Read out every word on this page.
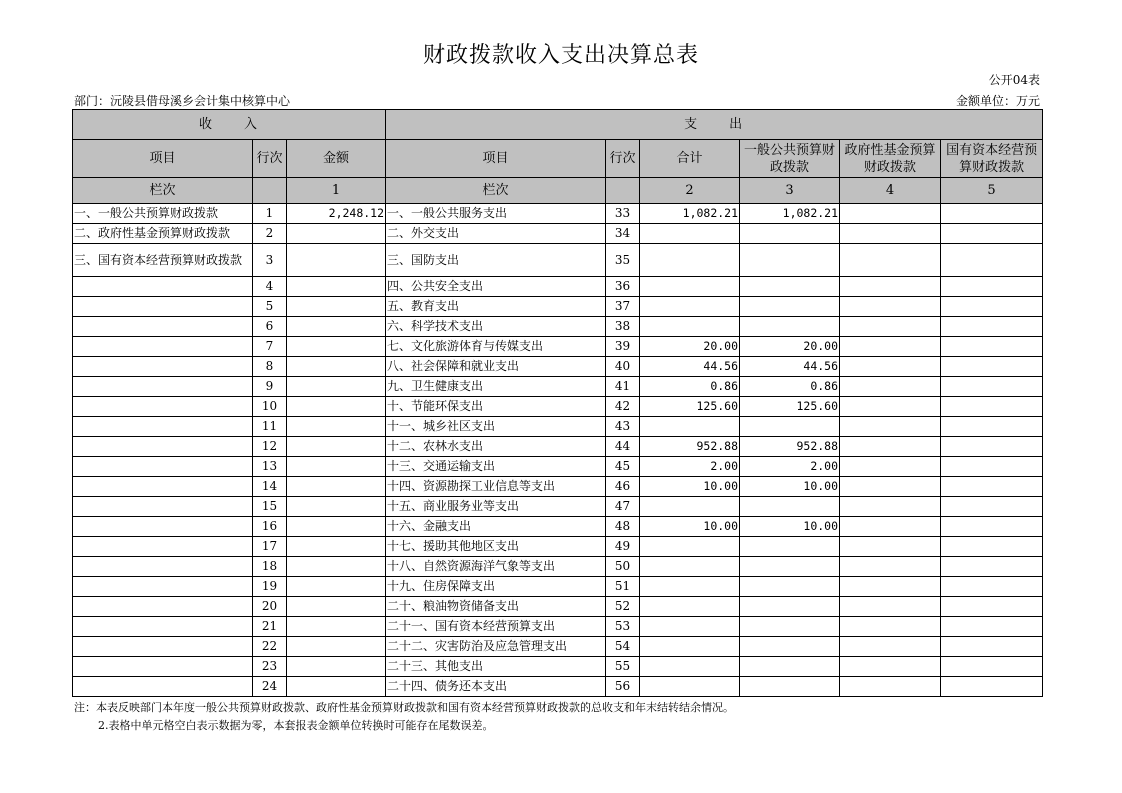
财政拨款收入支出决算总表
公开04表
部门：沅陵县借母溪乡会计集中核算中心	金额单位：万元
收　　入			支　　出					
项目	行次	金额	项目	行次	合计	一般公共预算财政拨款	政府性基金预算财政拨款	国有资本经营预算财政拨款
栏次		1	栏次		2	3	4	5
一、一般公共预算财政拨款	1	2,248.12	一、一般公共服务支出	33	1,082.21	1,082.21		
二、政府性基金预算财政拨款	2		二、外交支出	34				
三、国有资本经营预算财政拨款	3		三、国防支出	35				
	4		四、公共安全支出	36				
	5		五、教育支出	37				
	6		六、科学技术支出	38				
	7		七、文化旅游体育与传媒支出	39	20.00	20.00		
	8		八、社会保障和就业支出	40	44.56	44.56		
	9		九、卫生健康支出	41	0.86	0.86		
	10		十、节能环保支出	42	125.60	125.60		
	11		十一、城乡社区支出	43				
	12		十二、农林水支出	44	952.88	952.88		
	13		十三、交通运输支出	45	2.00	2.00		
	14		十四、资源勘探工业信息等支出	46	10.00	10.00		
	15		十五、商业服务业等支出	47				
	16		十六、金融支出	48	10.00	10.00		
	17		十七、援助其他地区支出	49				
	18		十八、自然资源海洋气象等支出	50				
	19		十九、住房保障支出	51				
	20		二十、粮油物资储备支出	52				
	21		二十一、国有资本经营预算支出	53				
	22		二十二、灾害防治及应急管理支出	54				
	23		二十三、其他支出	55				
	24		二十四、债务还本支出	56				
注：本表反映部门本年度一般公共预算财政拨款、政府性基金预算财政拨款和国有资本经营预算财政拨款的总收支和年末结转结余情况。
2.表格中单元格空白表示数据为零，本套报表金额单位转换时可能存在尾数误差。
